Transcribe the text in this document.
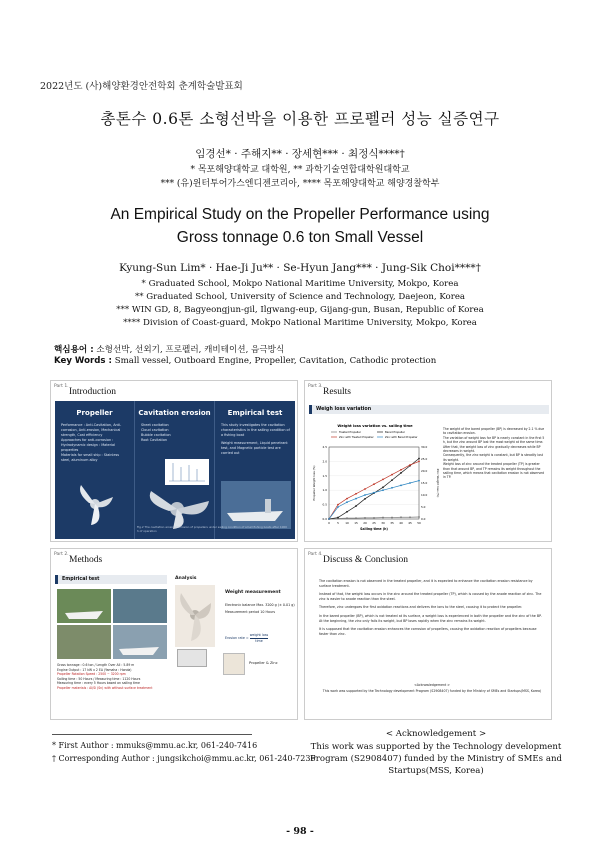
2022년도 (사)해양환경안전학회 춘계학술발표회
총톤수 0.6톤 소형선박을 이용한 프로펠러 성능 실증연구
임경선* · 주해지** · 장세현*** · 최정식****†
* 목포해양대학교 대학원, ** 과학기술연합대학원대학교
*** (유)윈터투어가스엔디젠코리아, **** 목포해양대학교 해양경찰학부
An Empirical Study on the Propeller Performance using
Gross tonnage 0.6 ton Small Vessel
Kyung-Sun Lim* · Hae-Ji Ju** · Se-Hyun Jang*** · Jung-Sik Choi****†
* Graduated School, Mokpo National Maritime University, Mokpo, Korea
** Graduated School, University of Science and Technology, Daejeon, Korea
*** WIN GD, 8, Bagyeongjun-gil, Ilgwang-eup, Gijang-gun, Busan, Republic of Korea
**** Division of Coast-guard, Mokpo National Maritime University, Mokpo, Korea
핵심용어 : 소형선박, 선외기, 프로펠러, 캐비테이션, 음극방식
Key Words : Small vessel, Outboard Engine, Propeller, Cavitation, Cathodic protection
Part 1.
Introduction
Propeller
Performance : Anti-Cavitation, Anti-corrosion, Anti-erosion, Mechanical strength, Cost efficiency
Approaches for anti-corrosion : Hydrodynamic design : Material properties
Materials for small ship : Stainless steel, aluminum alloy
Cavitation erosion
Sheet cavitation
Cloud cavitation
Bubble cavitation
Root Cavitation
Empirical test
This study investigates the cavitation characteristics in the sailing condition of a fishing boat
Weight measurement, Liquid penetrant test, and Magnetic particle test are carried out
Fig.2 The cavitation erosion/corrosion of propellers under sailing condition of small fishing boats after 1000 h of operation
Part 3.
Results
Weigh loss variation
Weight loss variation vs. sailing time
Treated Propeller	Bared Propeller
Zinc with Treated Propeller	Zinc with Bared Propeller
0.0
0.5
1.0
1.5
2.0
2.5
0.0
5.0
10.0
15.0
20.0
25.0
30.0
0	5 10 15 20 25 30 35 40 45 50
Sailing time (h)
Propeller Weight loss (%)	Zinc Weight loss (%)
The weight of the bared propeller (BP) is decreased by 2.1 % due to cavitation erosion.
The variation of weight loss for BP is nearly constant in the first 5 h, but the zinc around BP lost the most weight at the same time.
After that, the weight loss of zinc gradually decreases while BP decreases in weight.
Consequently, the zinc weight is constant, but BP is steadily lost its weight.
Weight loss of zinc around the treated propeller (TP) is greater than that around BP, and TP remains its weight throughout the sailing time, which means that cavitation erosion is not observed in TP.
Part 2.
Methods
Empirical test	Analysis
Weight measurement
Electronic balance Max. 3200 g (± 0.01 g)
Measurement period 10 Hours
Erosion rate =
weight loss
time
Propeller & Zinc
Gross tonnage : 0.6 ton / Length Over All : 5.89 m
Engine Output : 17 kW x 2 EA (Yamaha : Honda)
Propeller Rotation Speed : 2500 ~ 3200 rpm
Sailing time : 50 Hours / Measuring time : 1120 Hours
Measuring time : every 5 Hours based on sailing time
Propeller materials : Al/Si (Sn) with without surface treatment
Part 4.
Discuss & Conclusion

The cavitation erosion is not observed in the treated propeller, and it is expected to enhance the cavitation erosion resistance by surface treatment.

Instead of that, the weight loss occurs in the zinc around the treated propeller (TP), which is caused by the anode reaction of zinc. The zinc is easier to anode reaction than the steel.

Therefore, zinc undergoes the first oxidation reactions and delivers the ions to the steel, causing it to protect the propeller.

In the bared propeller (BP), which is not treated at its surface, a weight loss is experienced in both the propeller and the zinc of the BP. At the beginning, the zinc only fails its weight, but BP loses rapidly when the zinc remains its weight.

It is supposed that the cavitation erosion enhances the corrosion of propellers, causing the oxidation reaction of propellers because faster than zinc.

<Acknowledgement >
This work was supported by the Technology development Program (S2908407) funded by the Ministry of SMEs and Startups(MSS, Korea)
* First Author : mmuks@mmu.ac.kr, 061-240-7416
† Corresponding Author : jungsikchoi@mmu.ac.kr, 061-240-7236
< Acknowledgement >
This work was supported by the Technology development Program (S2908407) funded by the Ministry of SMEs and Startups(MSS, Korea)
- 98 -
